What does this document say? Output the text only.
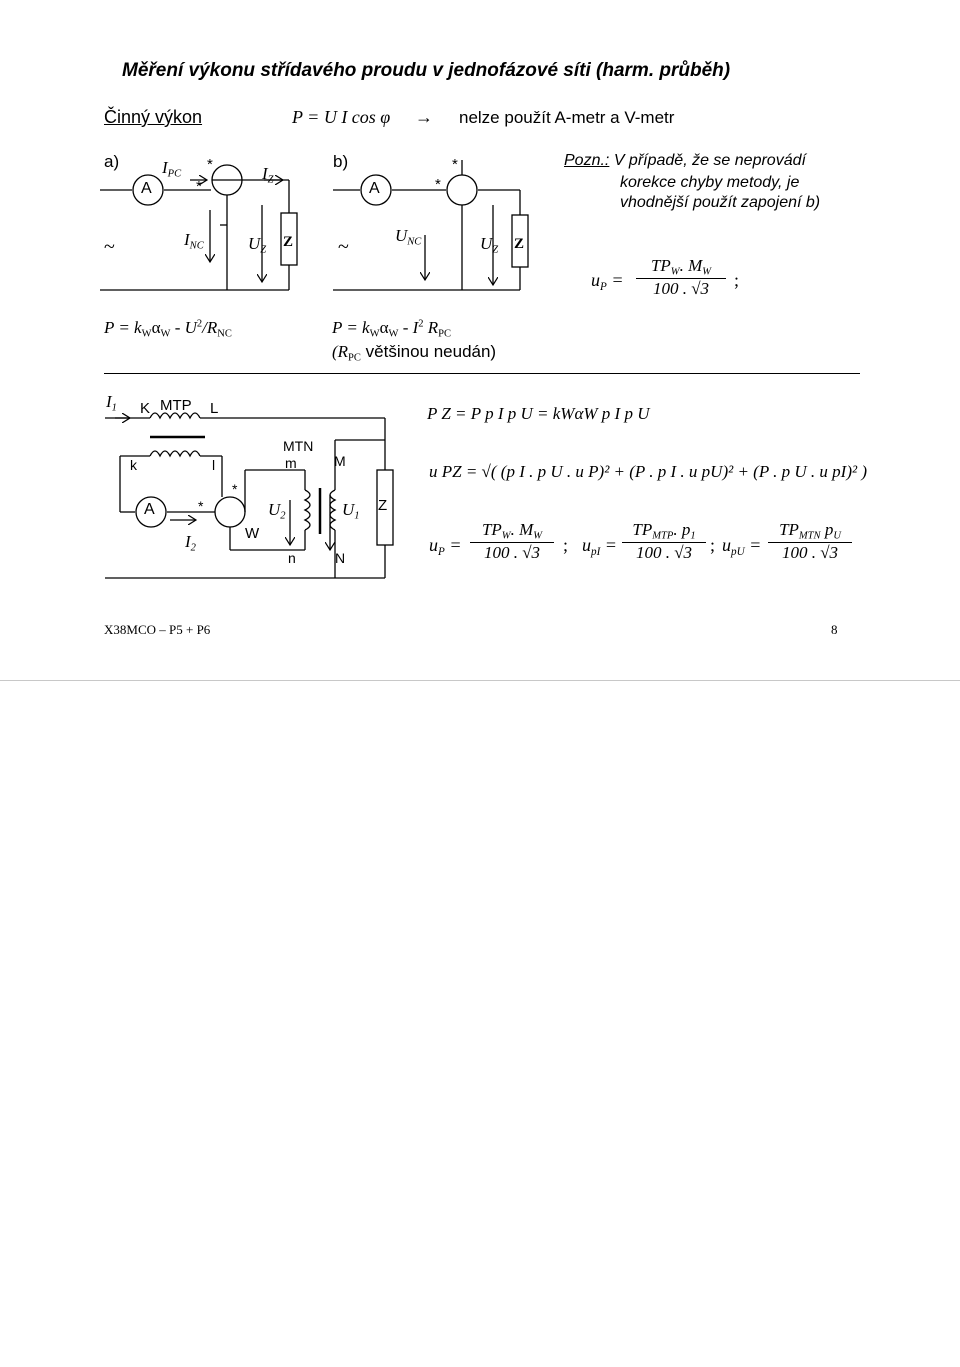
Měření výkonu střídavého proudu v jednofázové síti (harm. průběh)
Činný výkon	P = U I cos φ → nelze použít A-metr a V-metr
a)
A
$I_{PC}$
*
*
$I_Z$
~	$I_{NC}$	$U_Z$
Z
$P = k_W\alpha_W - U^2/R_{NC}$
b)
A
*
*
~
$U_{NC}$	$U_Z$ Z
$P = k_W\alpha_W - I^2$ $R_{PC}$
($R_{PC}$ většinou neudán)
Pozn.: V případě, že se neprovádí
korekce chyby metody, je
vhodnější použít zapojení b)
$u_P$ =
$TP_W$. $M_W$
100 . √3	;
$I_1$ K MTP L
k	l
MTN
m	M
n	N
A
W
$I_2$
$U_2$	$U_1$
Z
*
*
P Z = P p I p U = kWαW p I p U
u PZ = √( (p I . p U . u P)² + (P . p I . u pU)² + (P . p U . u pI)² )
$u_P$ =
$TP_W$. $M_W$
100 . √3	; $u_{pI}$ =
$TP_{MTP}$. $p_1$
100 . √3 ; $u_{pU}$ =
$TP_{MTN}$ $p_U$
100 . √3
X38MCO – P5 + P6	8
